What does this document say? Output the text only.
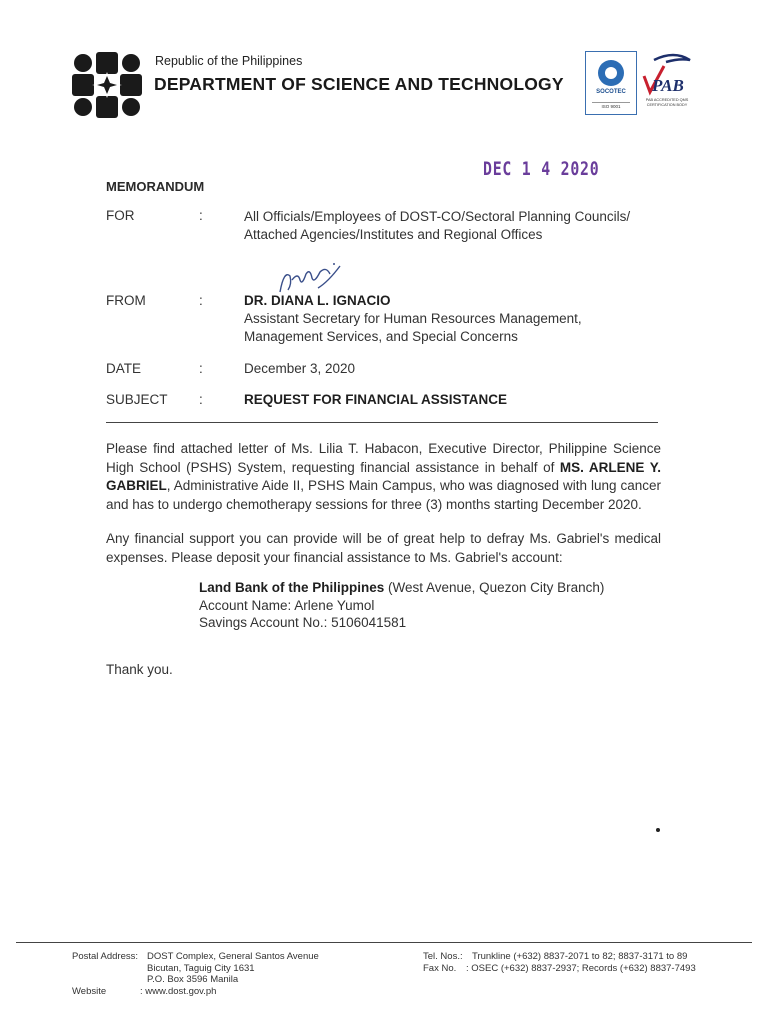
Republic of the Philippines
DEPARTMENT OF SCIENCE AND TECHNOLOGY	SOCOTEC
ISO 9001
PAB
PAB ACCREDITED QMS CERTIFICATION BODY
DEC 1 4 2020
MEMORANDUM
FOR	:	All Officials/Employees of DOST-CO/Sectoral Planning Councils/
Attached Agencies/Institutes and Regional Offices
FROM	:	DR. DIANA L. IGNACIO
Assistant Secretary for Human Resources Management,
Management Services, and Special Concerns
DATE	:	December 3, 2020
SUBJECT :	REQUEST FOR FINANCIAL ASSISTANCE
Please find attached letter of Ms. Lilia T. Habacon, Executive Director, Philippine Science High School (PSHS) System, requesting financial assistance in behalf of MS. ARLENE Y. GABRIEL, Administrative Aide II, PSHS Main Campus, who was diagnosed with lung cancer and has to undergo chemotherapy sessions for three (3) months starting December 2020.
Any financial support you can provide will be of great help to defray Ms. Gabriel's medical expenses. Please deposit your financial assistance to Ms. Gabriel's account:
Land Bank of the Philippines (West Avenue, Quezon City Branch)
Account Name: Arlene Yumol
Savings Account No.: 5106041581
Thank you.
Postal Address: DOST Complex, General Santos Avenue
Bicutan, Taguig City 1631
P.O. Box 3596 Manila
Website	: www.dost.gov.ph
Tel. Nos.: Trunkline (+632) 8837-2071 to 82; 8837-3171 to 89
Fax No. : OSEC (+632) 8837-2937; Records (+632) 8837-7493
